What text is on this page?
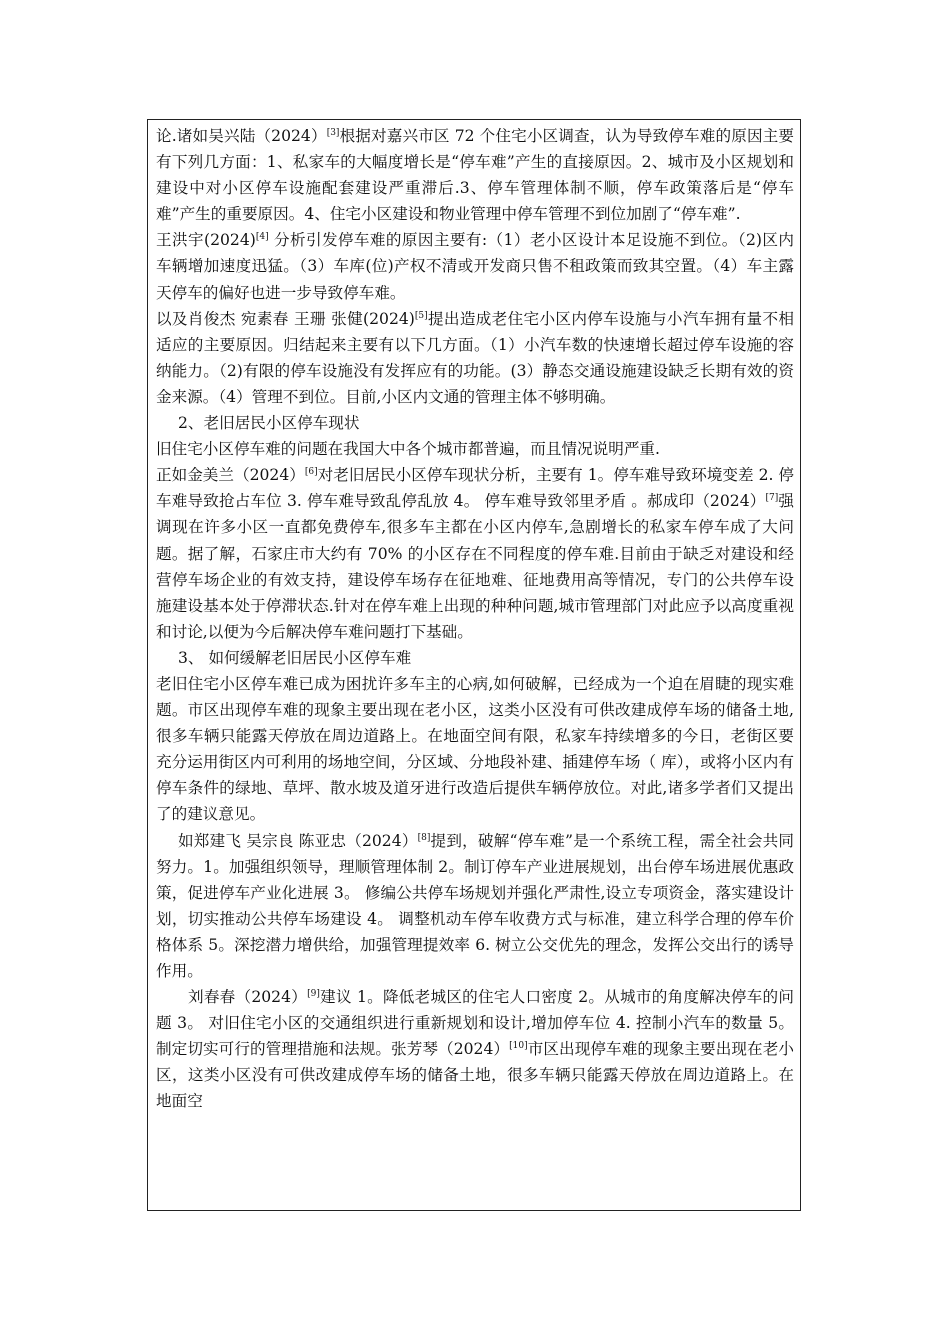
论.诸如吴兴陆（2024）[3]根据对嘉兴市区 72 个住宅小区调查，认为导致停车难的原因主要有下列几方面：1、私家车的大幅度增长是“停车难”产生的直接原因。2、城市及小区规划和建设中对小区停车设施配套建设严重滞后.3、停车管理体制不顺，停车政策落后是“停车难”产生的重要原因。4、住宅小区建设和物业管理中停车管理不到位加剧了“停车难”.

王洪宇(2024)[4] 分析引发停车难的原因主要有:（1）老小区设计本足设施不到位。（2)区内车辆增加速度迅猛。（3）车库(位)产权不清或开发商只售不租政策而致其空置。（4）车主露天停车的偏好也进一步导致停车难。

以及肖俊杰 宛素春 王珊 张健(2024)[5]提出造成老住宅小区内停车设施与小汽车拥有量不相适应的主要原因。归结起来主要有以下几方面。（1）小汽车数的快速增长超过停车设施的容纳能力。（2)有限的停车设施没有发挥应有的功能。(3）静态交通设施建设缺乏长期有效的资金来源。（4）管理不到位。目前,小区内文通的管理主体不够明确。

2、老旧居民小区停车现状

旧住宅小区停车难的问题在我国大中各个城市都普遍，而且情况说明严重.

正如金美兰（2024）[6]对老旧居民小区停车现状分析，主要有 1。停车难导致环境变差 2. 停车难导致抢占车位 3. 停车难导致乱停乱放 4。 停车难导致邻里矛盾 。郝成印（2024）[7]强调现在许多小区一直都免费停车,很多车主都在小区内停车,急剧增长的私家车停车成了大问题。据了解，石家庄市大约有 70% 的小区存在不同程度的停车难.目前由于缺乏对建设和经营停车场企业的有效支持，建设停车场存在征地难、征地费用高等情况，专门的公共停车设施建设基本处于停滞状态.针对在停车难上出现的种种问题,城市管理部门对此应予以高度重视和讨论,以便为今后解决停车难问题打下基础。

3、 如何缓解老旧居民小区停车难

老旧住宅小区停车难已成为困扰许多车主的心病,如何破解，已经成为一个迫在眉睫的现实难题。市区出现停车难的现象主要出现在老小区，这类小区没有可供改建成停车场的储备土地,很多车辆只能露天停放在周边道路上。在地面空间有限，私家车持续增多的今日，老街区要充分运用街区内可利用的场地空间，分区域、分地段补建、插建停车场（ 库），或将小区内有停车条件的绿地、草坪、散水坡及道牙进行改造后提供车辆停放位。对此,诸多学者们又提出了的建议意见。

如郑建飞 吴宗良 陈亚忠（2024）[8]提到，破解“停车难”是一个系统工程，需全社会共同努力。1。加强组织领导，理顺管理体制 2。制订停车产业进展规划，出台停车场进展优惠政策，促进停车产业化进展 3。 修编公共停车场规划并强化严肃性,设立专项资金，落实建设计划，切实推动公共停车场建设 4。 调整机动车停车收费方式与标准，建立科学合理的停车价格体系 5。深挖潜力增供给，加强管理提效率 6. 树立公交优先的理念，发挥公交出行的诱导作用。

刘春春（2024）[9]建议 1。降低老城区的住宅人口密度 2。从城市的角度解决停车的问题 3。 对旧住宅小区的交通组织进行重新规划和设计,增加停车位 4. 控制小汽车的数量 5。 制定切实可行的管理措施和法规。张芳琴（2024）[10]市区出现停车难的现象主要出现在老小区，这类小区没有可供改建成停车场的储备土地，很多车辆只能露天停放在周边道路上。在地面空
